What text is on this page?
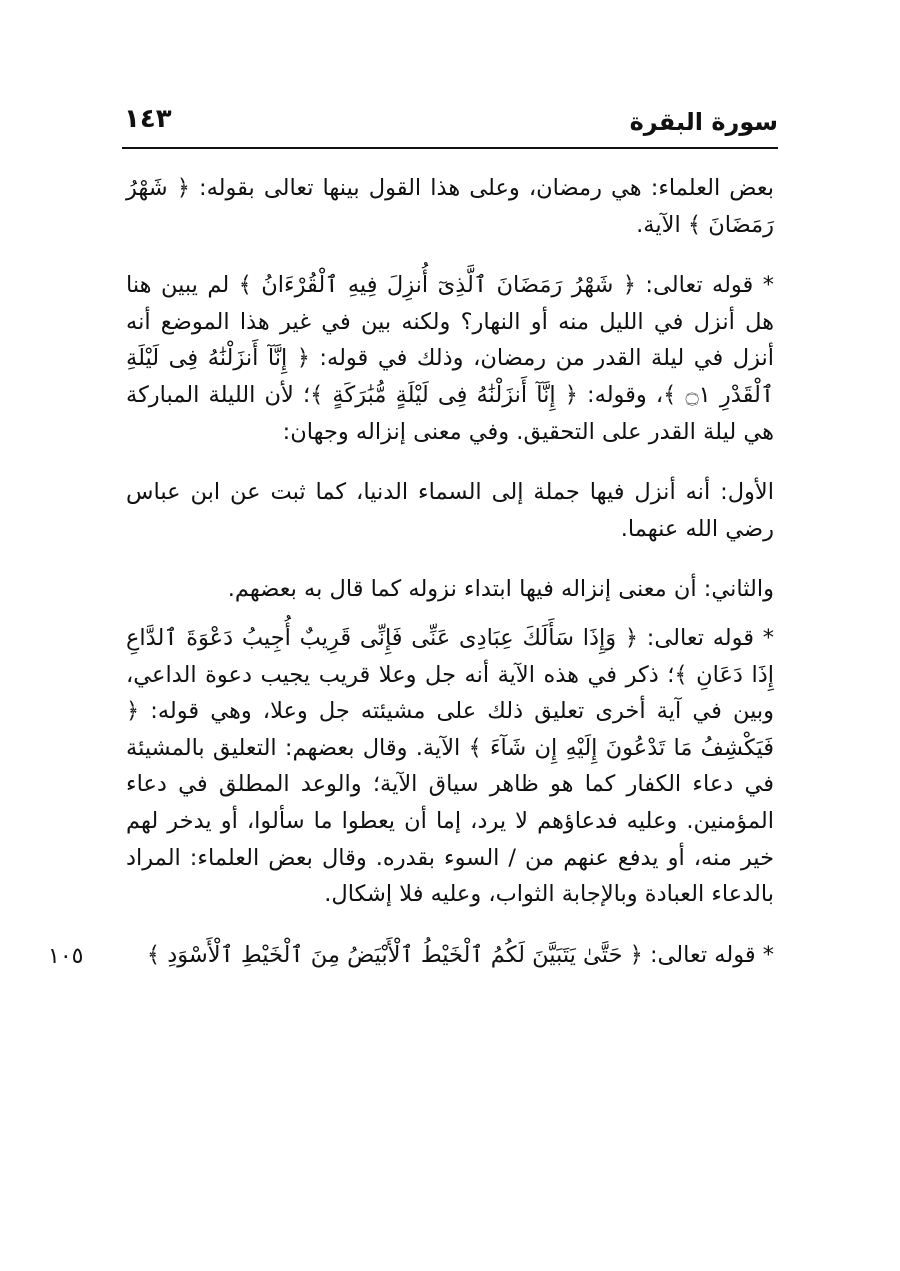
سورة البقرة
١٤٣
١٠٥

بعض العلماء: هي رمضان، وعلى هذا القول بينها تعالى بقوله: ﴿ شَهْرُ رَمَضَانَ ﴾ الآية.

* قوله تعالى: ﴿ شَهْرُ رَمَضَانَ ٱلَّذِىٓ أُنزِلَ فِيهِ ٱلْقُرْءَانُ ﴾ لم يبين هنا هل أنزل في الليل منه أو النهار؟ ولكنه بين في غير هذا الموضع أنه أنزل في ليلة القدر من رمضان، وذلك في قوله: ﴿ إِنَّآ أَنزَلْنَٰهُ فِى لَيْلَةِ ٱلْقَدْرِ ۝١ ﴾، وقوله: ﴿ إِنَّآ أَنزَلْنَٰهُ فِى لَيْلَةٍ مُّبَٰرَكَةٍ ﴾؛ لأن الليلة المباركة هي ليلة القدر على التحقيق. وفي معنى إنزاله وجهان:

الأول: أنه أنزل فيها جملة إلى السماء الدنيا، كما ثبت عن ابن عباس رضي الله عنهما.

والثاني: أن معنى إنزاله فيها ابتداء نزوله كما قال به بعضهم.

* قوله تعالى: ﴿ وَإِذَا سَأَلَكَ عِبَادِى عَنِّى فَإِنِّى قَرِيبٌ أُجِيبُ دَعْوَةَ ٱلدَّاعِ إِذَا دَعَانِ ﴾؛ ذكر في هذه الآية أنه جل وعلا قريب يجيب دعوة الداعي، وبين في آية أخرى تعليق ذلك على مشيئته جل وعلا، وهي قوله: ﴿ فَيَكْشِفُ مَا تَدْعُونَ إِلَيْهِ إِن شَآءَ ﴾ الآية. وقال بعضهم: التعليق بالمشيئة في دعاء الكفار كما هو ظاهر سياق الآية؛ والوعد المطلق في دعاء المؤمنين. وعليه فدعاؤهم لا يرد، إما أن يعطوا ما سألوا، أو يدخر لهم خير منه، أو يدفع عنهم من / السوء بقدره. وقال بعض العلماء: المراد بالدعاء العبادة وبالإجابة الثواب، وعليه فلا إشكال.

* قوله تعالى: ﴿ حَتَّىٰ يَتَبَيَّنَ لَكُمُ ٱلْخَيْطُ ٱلْأَبْيَضُ مِنَ ٱلْخَيْطِ ٱلْأَسْوَدِ ﴾
